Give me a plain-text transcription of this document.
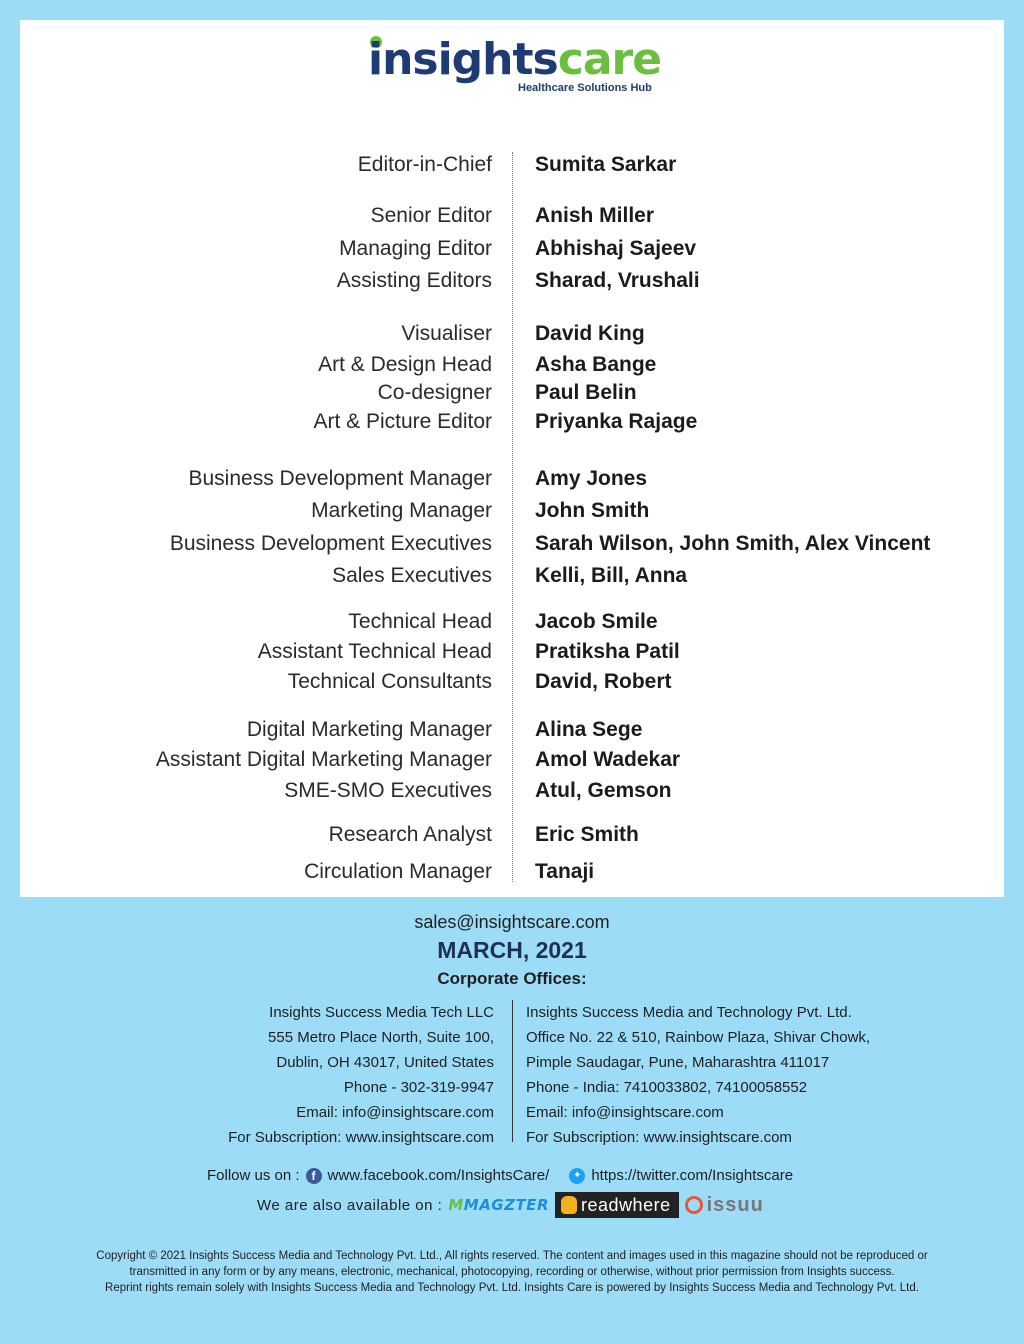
insightscare
Healthcare Solutions Hub
Editor-in-Chief Sumita Sarkar
Senior Editor Anish Miller
Managing Editor Abhishaj Sajeev
Assisting Editors Sharad, Vrushali
Visualiser David King
Art & Design Head Asha Bange
Co-designer Paul Belin
Art & Picture Editor Priyanka Rajage
Business Development Manager Amy Jones
Marketing Manager John Smith
Business Development Executives Sarah Wilson, John Smith, Alex Vincent
Sales Executives Kelli, Bill, Anna
Technical Head Jacob Smile
Assistant Technical Head Pratiksha Patil
Technical Consultants David, Robert
Digital Marketing Manager Alina Sege
Assistant Digital Marketing Manager Amol Wadekar
SME-SMO Executives Atul, Gemson
Research Analyst Eric Smith
Circulation Manager Tanaji
sales@insightscare.com
MARCH, 2021
Corporate Offices:
Insights Success Media Tech LLC
555 Metro Place North, Suite 100,
Dublin, OH 43017, United States
Phone - 302-319-9947
Email: info@insightscare.com
For Subscription: www.insightscare.com
Insights Success Media and Technology Pvt. Ltd.
Office No. 22 & 510, Rainbow Plaza, Shivar Chowk,
Pimple Saudagar, Pune, Maharashtra 411017
Phone - India: 7410033802, 74100058552
Email: info@insightscare.com
For Subscription: www.insightscare.com
Follow us on :	f www.facebook.com/InsightsCare/	✦ https://twitter.com/Insightscare
We are also available on : MMAGZTER readwhere issuu
Copyright © 2021 Insights Success Media and Technology Pvt. Ltd., All rights reserved. The content and images used in this magazine should not be reproduced or
transmitted in any form or by any means, electronic, mechanical, photocopying, recording or otherwise, without prior permission from Insights success.
Reprint rights remain solely with Insights Success Media and Technology Pvt. Ltd. Insights Care is powered by Insights Success Media and Technology Pvt. Ltd.
